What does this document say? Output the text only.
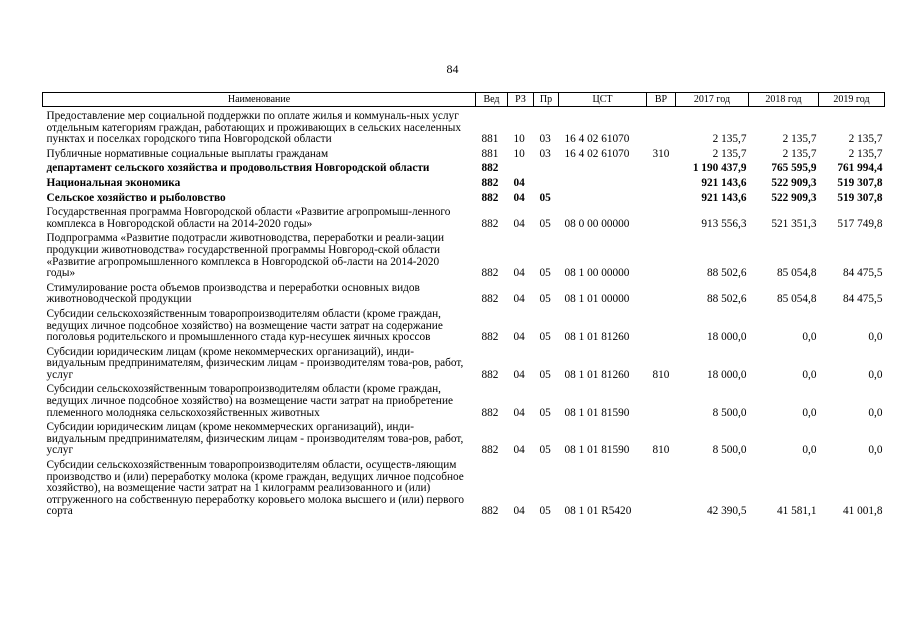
84
Наименование	Вед	РЗ	Пр	ЦСТ	ВР	2017 год	2018 год	2019 год

Предоставление мер социальной поддержки по оплате жилья и коммуналь-ных услуг отдельным категориям граждан, работающих и проживающих в сельских населенных пунктах и поселках городского типа Новгородской области	881	10	03	16 4 02 61070		2 135,7	2 135,7	2 135,7
Публичные нормативные социальные выплаты гражданам	881	10	03	16 4 02 61070	310	2 135,7	2 135,7	2 135,7
департамент сельского хозяйства и продовольствия Новгородской области	882					1 190 437,9	765 595,9	761 994,4
Национальная экономика	882	04				921 143,6	522 909,3	519 307,8
Сельское хозяйство и рыболовство	882	04	05			921 143,6	522 909,3	519 307,8
Государственная программа Новгородской области «Развитие агропромыш-ленного комплекса в Новгородской области на 2014-2020 годы»	882	04	05	08 0 00 00000		913 556,3	521 351,3	517 749,8
Подпрограмма «Развитие подотрасли животноводства, переработки и реали-зации продукции животноводства» государственной программы Новгород-ской области «Развитие агропромышленного комплекса в Новгородской об-ласти на 2014-2020 годы»	882	04	05	08 1 00 00000		88 502,6	85 054,8	84 475,5
Стимулирование роста объемов производства и переработки основных видов животноводческой продукции	882	04	05	08 1 01 00000		88 502,6	85 054,8	84 475,5
Субсидии сельскохозяйственным товаропроизводителям области (кроме граждан, ведущих личное подсобное хозяйство) на возмещение части затрат на содержание поголовья родительского и промышленного стада кур-несушек яичных кроссов	882	04	05	08 1 01 81260		18 000,0	0,0	0,0
Субсидии юридическим лицам (кроме некоммерческих организаций), инди-видуальным предпринимателям, физическим лицам - производителям това-ров, работ, услуг	882	04	05	08 1 01 81260	810	18 000,0	0,0	0,0
Субсидии сельскохозяйственным товаропроизводителям области (кроме граждан, ведущих личное подсобное хозяйство) на возмещение части затрат на приобретение племенного молодняка сельскохозяйственных животных	882	04	05	08 1 01 81590		8 500,0	0,0	0,0
Субсидии юридическим лицам (кроме некоммерческих организаций), инди-видуальным предпринимателям, физическим лицам - производителям това-ров, работ, услуг	882	04	05	08 1 01 81590	810	8 500,0	0,0	0,0
Субсидии сельскохозяйственным товаропроизводителям области, осуществ-ляющим производство и (или) переработку молока (кроме граждан, ведущих личное подсобное хозяйство), на возмещение части затрат на 1 килограмм реализованного и (или) отгруженного на собственную переработку коровьего молока высшего и (или) первого сорта	882	04	05	08 1 01 R5420		42 390,5	41 581,1	41 001,8
